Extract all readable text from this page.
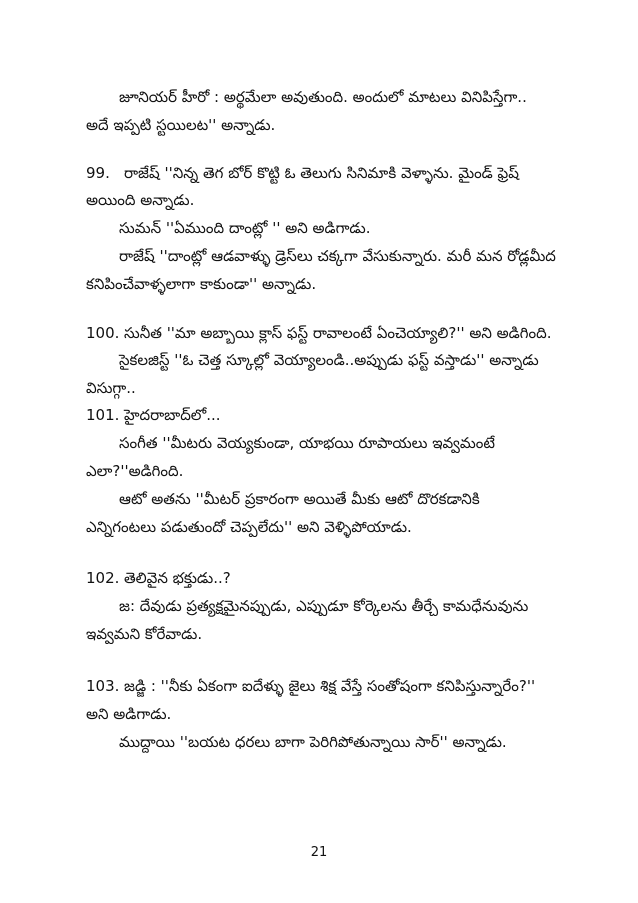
జూనియర్ హీరో : అర్థమేలా అవుతుంది. అందులో మాటలు వినిపిస్తేగా..
అదే ఇప్పటి స్టయిలట'' అన్నాడు.
99. రాజేష్ ''నిన్న తెగ బోర్ కొట్టి ఓ తెలుగు సినిమాకి వెళ్ళాను. మైండ్ ఫ్రెష్
అయింది అన్నాడు.
సుమన్ ''ఏముంది దాంట్లో '' అని అడిగాడు.
రాజేష్ ''దాంట్లో ఆడవాళ్ళు డ్రెస్‌లు చక్కగా వేసుకున్నారు. మరీ మన రోడ్లమీద
కనిపించేవాళ్ళలాగా కాకుండా'' అన్నాడు.
100. సునీత ''మా అబ్బాయి క్లాస్ ఫస్ట్ రావాలంటే ఏంచెయ్యాలి?'' అని అడిగింది.
సైకలజిస్ట్ ''ఓ చెత్త స్కూల్లో వెయ్యాలండి..అప్పుడు ఫస్ట్ వస్తాడు'' అన్నాడు
విసుగ్గా..
101. హైదరాబాద్‌లో...
సంగీత ''మీటరు వెయ్యకుండా, యాభయి రూపాయలు ఇవ్వమంటే
ఎలా?''అడిగింది.
ఆటో అతను ''మీటర్ ప్రకారంగా అయితే మీకు ఆటో దొరకడానికి
ఎన్నిగంటలు పడుతుందో చెప్పలేదు'' అని వెళ్ళిపోయాడు.
102. తెలివైన భక్తుడు..?
జ: దేవుడు ప్రత్యక్షమైనప్పుడు, ఎప్పుడూ కోర్కెలను తీర్చే కామధేనువును
ఇవ్వమని కోరేవాడు.
103. జడ్జి : ''నీకు ఏకంగా ఐదేళ్ళు జైలు శిక్ష వేస్తే సంతోషంగా కనిపిస్తున్నారేం?''
అని అడిగాడు.
ముద్దాయి ''బయట ధరలు బాగా పెరిగిపోతున్నాయి సార్'' అన్నాడు.
21
